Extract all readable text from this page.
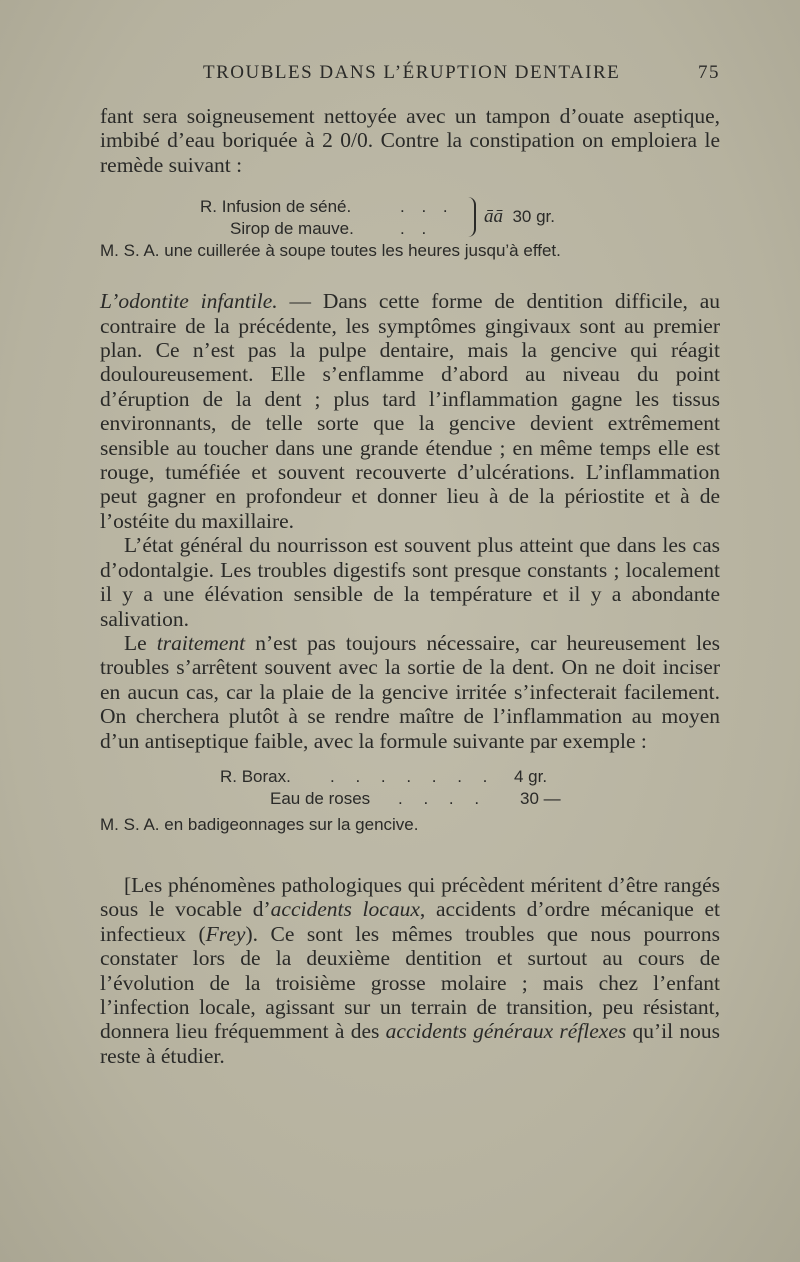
TROUBLES DANS L’ÉRUPTION DENTAIRE	75

fant sera soigneusement nettoyée avec un tampon d’ouate aseptique, imbibé d’eau boriquée à 2 0/0. Contre la constipation on emploiera le remède suivant :

R. Infusion de séné.	. . .
Sirop de mauve.	. .
āā 30 gr.
M. S. A. une cuillerée à soupe toutes les heures jusqu’à effet.

L’odontite infantile. — Dans cette forme de dentition difficile, au contraire de la précédente, les symptômes gingivaux sont au premier plan. Ce n’est pas la pulpe dentaire, mais la gencive qui réagit douloureusement. Elle s’enflamme d’abord au niveau du point d’éruption de la dent ; plus tard l’inflammation gagne les tissus environnants, de telle sorte que la gencive devient extrêmement sensible au toucher dans une grande étendue ; en même temps elle est rouge, tuméfiée et souvent recouverte d’ulcérations. L’inflammation peut gagner en profondeur et donner lieu à de la périostite et à de l’ostéite du maxillaire.

L’état général du nourrisson est souvent plus atteint que dans les cas d’odontalgie. Les troubles digestifs sont presque constants ; localement il y a une élévation sensible de la température et il y a abondante salivation.

Le traitement n’est pas toujours nécessaire, car heureusement les troubles s’arrêtent souvent avec la sortie de la dent. On ne doit inciser en aucun cas, car la plaie de la gencive irritée s’infecterait facilement. On cherchera plutôt à se rendre maître de l’inflammation au moyen d’un antiseptique faible, avec la formule suivante par exemple :

R. Borax. . . . . . . . 4 gr.
Eau de roses . . . . 30 —
M. S. A. en badigeonnages sur la gencive.

[Les phénomènes pathologiques qui précèdent méritent d’être rangés sous le vocable d’accidents locaux, accidents d’ordre mécanique et infectieux (Frey). Ce sont les mêmes troubles que nous pourrons constater lors de la deuxième dentition et surtout au cours de l’évolution de la troisième grosse molaire ; mais chez l’enfant l’infection locale, agissant sur un terrain de transition, peu résistant, donnera lieu fréquemment à des accidents généraux réflexes qu’il nous reste à étudier.
